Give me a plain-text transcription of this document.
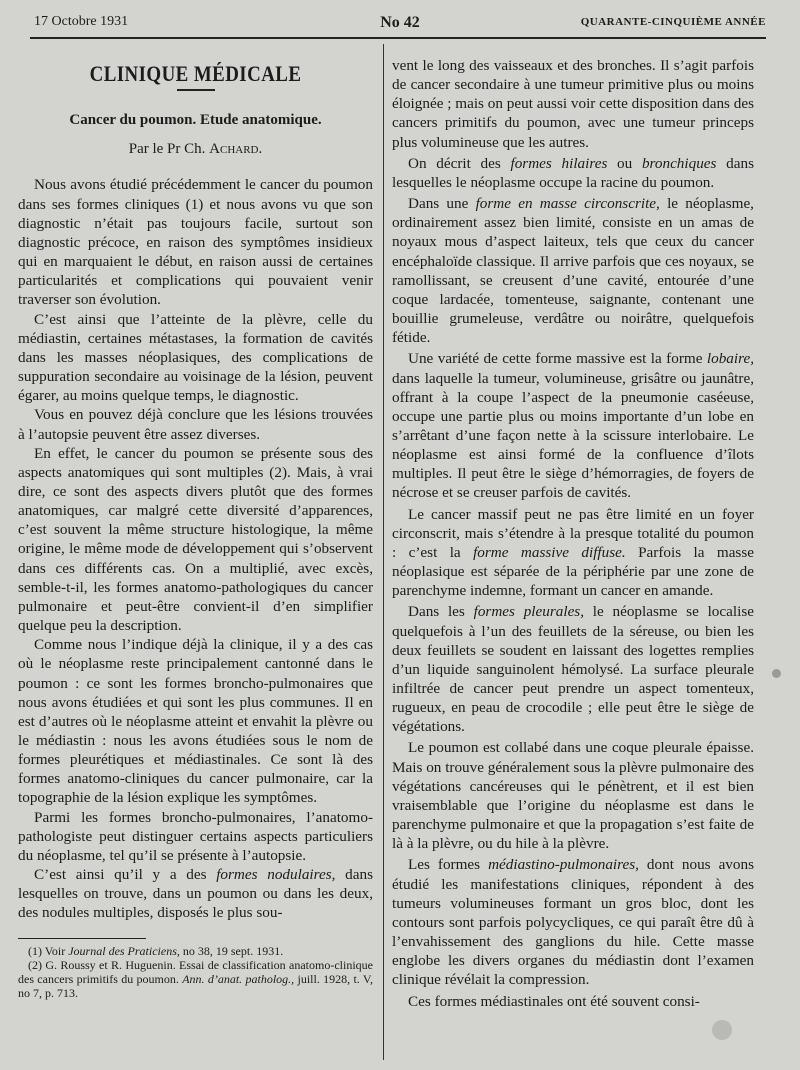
17 Octobre 1931	No 42	QUARANTE-CINQUIÈME ANNÉE
CLINIQUE MÉDICALE
Cancer du poumon. Etude anatomique.
Par le Pr Ch. Achard.

Nous avons étudié précédemment le cancer du poumon dans ses formes cliniques (1) et nous avons vu que son diagnostic n’était pas toujours facile, surtout son diagnostic précoce, en raison des symptômes insidieux qui en marquaient le début, en raison aussi de certaines particularités et complications qui pouvaient venir traverser son évolution.

C’est ainsi que l’atteinte de la plèvre, celle du médiastin, certaines métastases, la formation de cavités dans les masses néoplasiques, des complications de suppuration secondaire au voisinage de la lésion, peuvent égarer, au moins quelque temps, le diagnostic.

Vous en pouvez déjà conclure que les lésions trouvées à l’autopsie peuvent être assez diverses.

En effet, le cancer du poumon se présente sous des aspects anatomiques qui sont multiples (2). Mais, à vrai dire, ce sont des aspects divers plutôt que des formes anatomiques, car malgré cette diversité d’apparences, c’est souvent la même structure histologique, la même origine, le même mode de développement qui s’observent dans ces différents cas. On a multiplié, avec excès, semble-t-il, les formes anatomo-pathologiques du cancer pulmonaire et peut-être convient-il d’en simplifier quelque peu la description.

Comme nous l’indique déjà la clinique, il y a des cas où le néoplasme reste principalement cantonné dans le poumon : ce sont les formes broncho-pulmonaires que nous avons étudiées et qui sont les plus communes. Il en est d’autres où le néoplasme atteint et envahit la plèvre ou le médiastin : nous les avons étudiées sous le nom de formes pleurétiques et médiastinales. Ce sont là des formes anatomo-cliniques du cancer pulmonaire, car la topographie de la lésion explique les symptômes.

Parmi les formes broncho-pulmonaires, l’anatomo-pathologiste peut distinguer certains aspects particuliers du néoplasme, tel qu’il se présente à l’autopsie.

C’est ainsi qu’il y a des formes nodulaires, dans lesquelles on trouve, dans un poumon ou dans les deux, des nodules multiples, disposés le plus sou-

(1) Voir Journal des Praticiens, no 38, 19 sept. 1931.

(2) G. Roussy et R. Huguenin. Essai de classification anatomo-clinique des cancers primitifs du poumon. Ann. d’anat. patholog., juill. 1928, t. V, no 7, p. 713.

vent le long des vaisseaux et des bronches. Il s’agit parfois de cancer secondaire à une tumeur primitive plus ou moins éloignée ; mais on peut aussi voir cette disposition dans des cancers primitifs du poumon, avec une tumeur princeps plus volumineuse que les autres.

On décrit des formes hilaires ou bronchiques dans lesquelles le néoplasme occupe la racine du poumon.

Dans une forme en masse circonscrite, le néoplasme, ordinairement assez bien limité, consiste en un amas de noyaux mous d’aspect laiteux, tels que ceux du cancer encéphaloïde classique. Il arrive parfois que ces noyaux, se ramollissant, se creusent d’une cavité, entourée d’une coque lardacée, tomenteuse, saignante, contenant une bouillie grumeleuse, verdâtre ou noirâtre, quelquefois fétide.

Une variété de cette forme massive est la forme lobaire, dans laquelle la tumeur, volumineuse, grisâtre ou jaunâtre, offrant à la coupe l’aspect de la pneumonie caséeuse, occupe une partie plus ou moins importante d’un lobe en s’arrêtant d’une façon nette à la scissure interlobaire. Le néoplasme est ainsi formé de la confluence d’îlots multiples. Il peut être le siège d’hémorragies, de foyers de nécrose et se creuser parfois de cavités.

Le cancer massif peut ne pas être limité en un foyer circonscrit, mais s’étendre à la presque totalité du poumon : c’est la forme massive diffuse. Parfois la masse néoplasique est séparée de la périphérie par une zone de parenchyme indemne, formant un cancer en amande.

Dans les formes pleurales, le néoplasme se localise quelquefois à l’un des feuillets de la séreuse, ou bien les deux feuillets se soudent en laissant des logettes remplies d’un liquide sanguinolent hémolysé. La surface pleurale infiltrée de cancer peut prendre un aspect tomenteux, rugueux, en peau de crocodile ; elle peut être le siège de végétations.

Le poumon est collabé dans une coque pleurale épaisse. Mais on trouve généralement sous la plèvre pulmonaire des végétations cancéreuses qui le pénètrent, et il est bien vraisemblable que l’origine du néoplasme est dans le parenchyme pulmonaire et que la propagation s’est faite de là à la plèvre, ou du hile à la plèvre.

Les formes médiastino-pulmonaires, dont nous avons étudié les manifestations cliniques, répondent à des tumeurs volumineuses formant un gros bloc, dont les contours sont parfois polycycliques, ce qui paraît être dû à l’envahissement des ganglions du hile. Cette masse englobe les divers organes du médiastin dont l’examen clinique révélait la compression.

Ces formes médiastinales ont été souvent consi-
